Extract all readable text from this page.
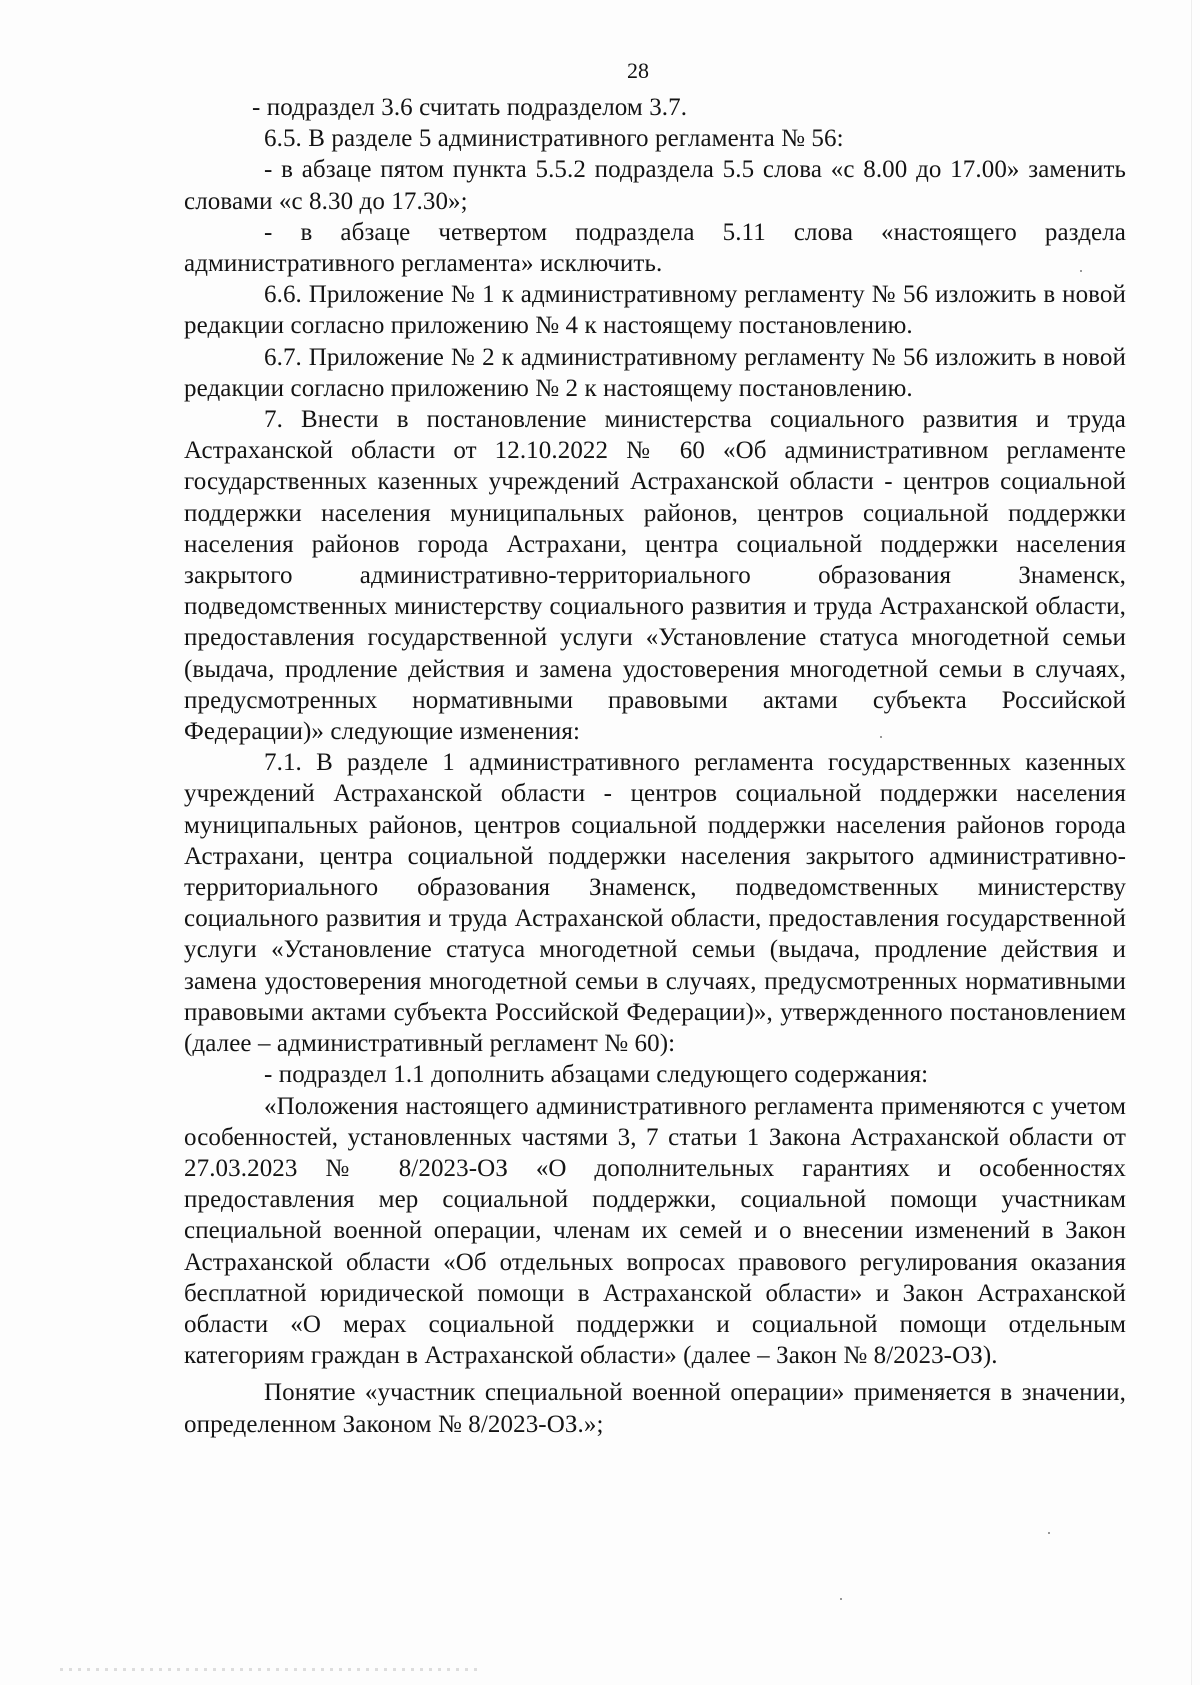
28

- подраздел 3.6 считать подразделом 3.7.

6.5. В разделе 5 административного регламента № 56:

- в абзаце пятом пункта 5.5.2 подраздела 5.5 слова «с 8.00 до 17.00» заменить словами «с 8.30 до 17.30»;

- в абзаце четвертом подраздела 5.11 слова «настоящего раздела административного регламента» исключить.

6.6. Приложение № 1 к административному регламенту № 56 изложить в новой редакции согласно приложению № 4 к настоящему постановлению.

6.7. Приложение № 2 к административному регламенту № 56 изложить в новой редакции согласно приложению № 2 к настоящему постановлению.

7. Внести в постановление министерства социального развития и труда Астраханской области от 12.10.2022 № 60 «Об административном регламенте государственных казенных учреждений Астраханской области - центров социальной поддержки населения муниципальных районов, центров социальной поддержки населения районов города Астрахани, центра социальной поддержки населения закрытого административно-территориального образования Знаменск, подведомственных министерству социального развития и труда Астраханской области, предоставления государственной услуги «Установление статуса многодетной семьи (выдача, продление действия и замена удостоверения многодетной семьи в случаях, предусмотренных нормативными правовыми актами субъекта Российской Федерации)» следующие изменения:

7.1. В разделе 1 административного регламента государственных казенных учреждений Астраханской области - центров социальной поддержки населения муниципальных районов, центров социальной поддержки населения районов города Астрахани, центра социальной поддержки населения закрытого административно-территориального образования Знаменск, подведомственных министерству социального развития и труда Астраханской области, предоставления государственной услуги «Установление статуса многодетной семьи (выдача, продление действия и замена удостоверения многодетной семьи в случаях, предусмотренных нормативными правовыми актами субъекта Российской Федерации)», утвержденного постановлением (далее – административный регламент № 60):

- подраздел 1.1 дополнить абзацами следующего содержания:

«Положения настоящего административного регламента применяются с учетом особенностей, установленных частями 3, 7 статьи 1 Закона Астраханской области от 27.03.2023 № 8/2023-ОЗ «О дополнительных гарантиях и особенностях предоставления мер социальной поддержки, социальной помощи участникам специальной военной операции, членам их семей и о внесении изменений в Закон Астраханской области «Об отдельных вопросах правового регулирования оказания бесплатной юридической помощи в Астраханской области» и Закон Астраханской области «О мерах социальной поддержки и социальной помощи отдельным категориям граждан в Астраханской области» (далее – Закон № 8/2023-ОЗ).

Понятие «участник специальной военной операции» применяется в значении, определенном Законом № 8/2023-ОЗ.»;
